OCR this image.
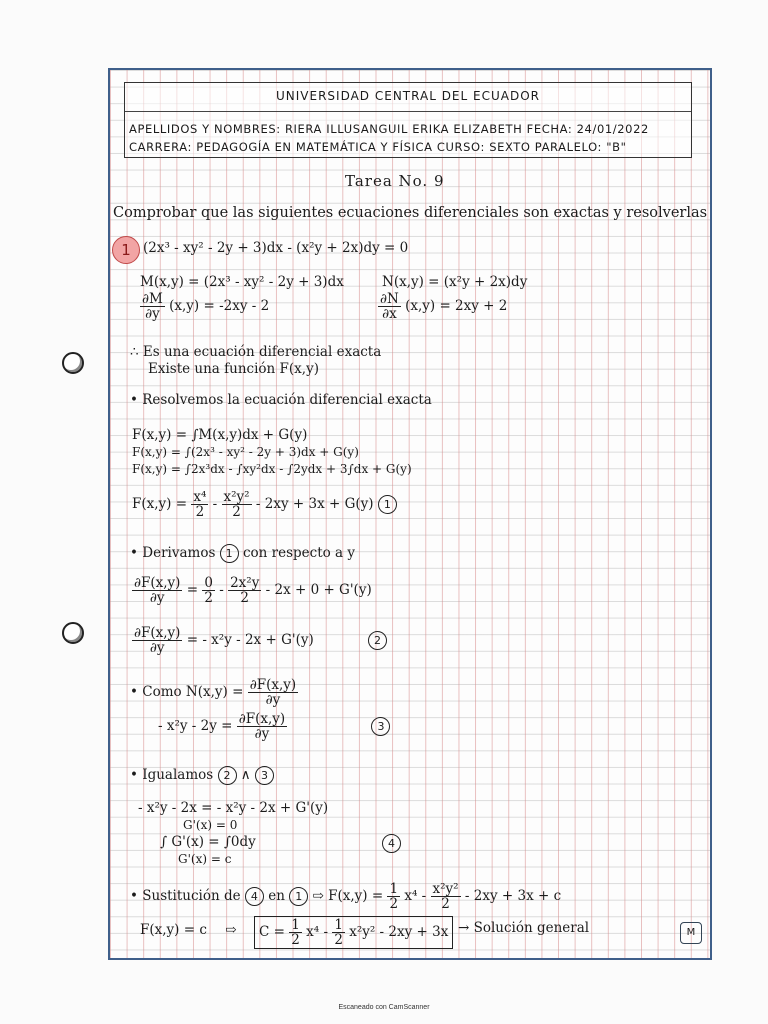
UNIVERSIDAD CENTRAL DEL ECUADOR
APELLIDOS Y NOMBRES: RIERA ILLUSANGUIL ERIKA ELIZABETH FECHA: 24/01/2022
CARRERA: PEDAGOGÍA EN MATEMÁTICA Y FÍSICA CURSO: SEXTO PARALELO: "B"
Tarea No. 9
Comprobar que las siguientes ecuaciones diferenciales son exactas y resolverlas
1 (2x³ - xy² - 2y + 3)dx - (x²y + 2x)dy = 0
M(x,y) = (2x³ - xy² - 2y + 3)dx	N(x,y) = (x²y + 2x)dy
$\frac{\partial M}{\partial y} (x,y) = -2xy - 2$	$\frac{\partial N}{\partial x} (x,y) = 2xy + 2$
∴ Es una ecuación diferencial exacta
Existe una función F(x,y)
• Resolvemos la ecuación diferencial exacta
F(x,y) = ∫M(x,y)dx + G(y)
F(x,y) = ∫(2x³ - xy² - 2y + 3)dx + G(y)
F(x,y) = ∫2x³dx - ∫xy²dx - ∫2ydx + 3∫dx + G(y)
$F(x,y) = \frac{\text{x⁴}}{2} - \frac{\text{x²y²}}{2} - 2xy + 3x + G(y)$ 1
• Derivamos 1 con respecto a y
$\frac{\partial F(x,y)}{\partial y} = \frac{0}{2} - \frac{\text{2x²y}}{2} - 2x + 0 + G'(y)$
$\frac{\partial F(x,y)}{\partial y}$ = - x²y - 2x + G'(y)	2
• Como $N(x,y) = \frac{\partial F(x,y)}{\partial y}$
- $x^2y - 2y = \frac{\partial F(x,y)}{\partial y}$	3
• Igualamos 2 ∧ 3
- x²y - 2x = - x²y - 2x + G'(y)
G'(x) = 0
∫ G'(x) = ∫0dy
G'(x) = c
4
• Sustitución de 4 en 1 ⇨ $F(x,y) = \frac{1}{2} x^4 - \frac{\text{x²y²}}{2} - 2xy + 3x + c$
F(x,y) = c ⇨	$C = \frac{1}{2} x^4 - \frac{1}{2} x^2y^2 - 2xy + 3x$ → Solución general	M
Escaneado con CamScanner
